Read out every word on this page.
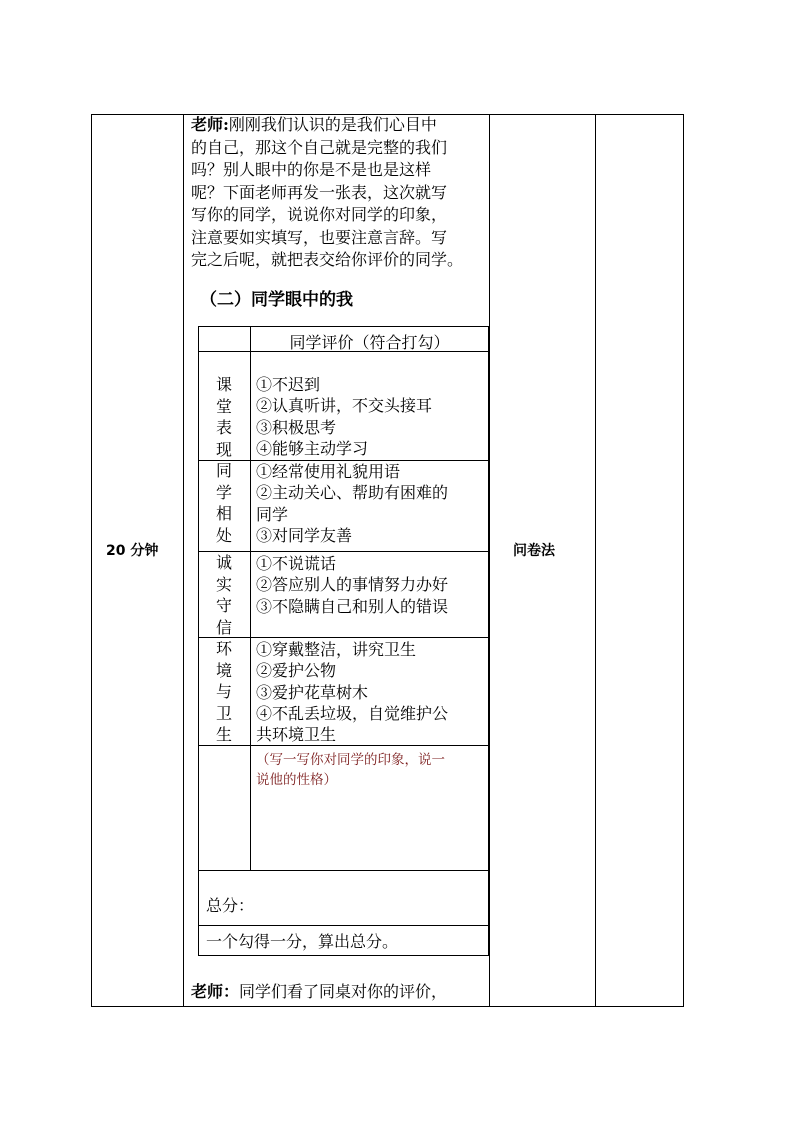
20 分钟	问卷法
老师:刚刚我们认识的是我们心目中
的自己，那这个自己就是完整的我们
吗？别人眼中的你是不是也是这样
呢？下面老师再发一张表，这次就写
写你的同学，说说你对同学的印象，
注意要如实填写，也要注意言辞。写
完之后呢，就把表交给你评价的同学。
（二）同学眼中的我
同学评价（符合打勾）
课
堂
表
现
同
学
相
处
诚
实
守
信
环
境
与
卫
生
①不迟到
②认真听讲，不交头接耳
③积极思考
④能够主动学习
①经常使用礼貌用语
②主动关心、帮助有困难的
同学
③对同学友善
①不说谎话
②答应别人的事情努力办好
③不隐瞒自己和别人的错误
①穿戴整洁，讲究卫生
②爱护公物
③爱护花草树木
④不乱丢垃圾，自觉维护公
共环境卫生
（写一写你对同学的印象，说一
说他的性格）
总分：
一个勾得一分，算出总分。
老师：同学们看了同桌对你的评价，
